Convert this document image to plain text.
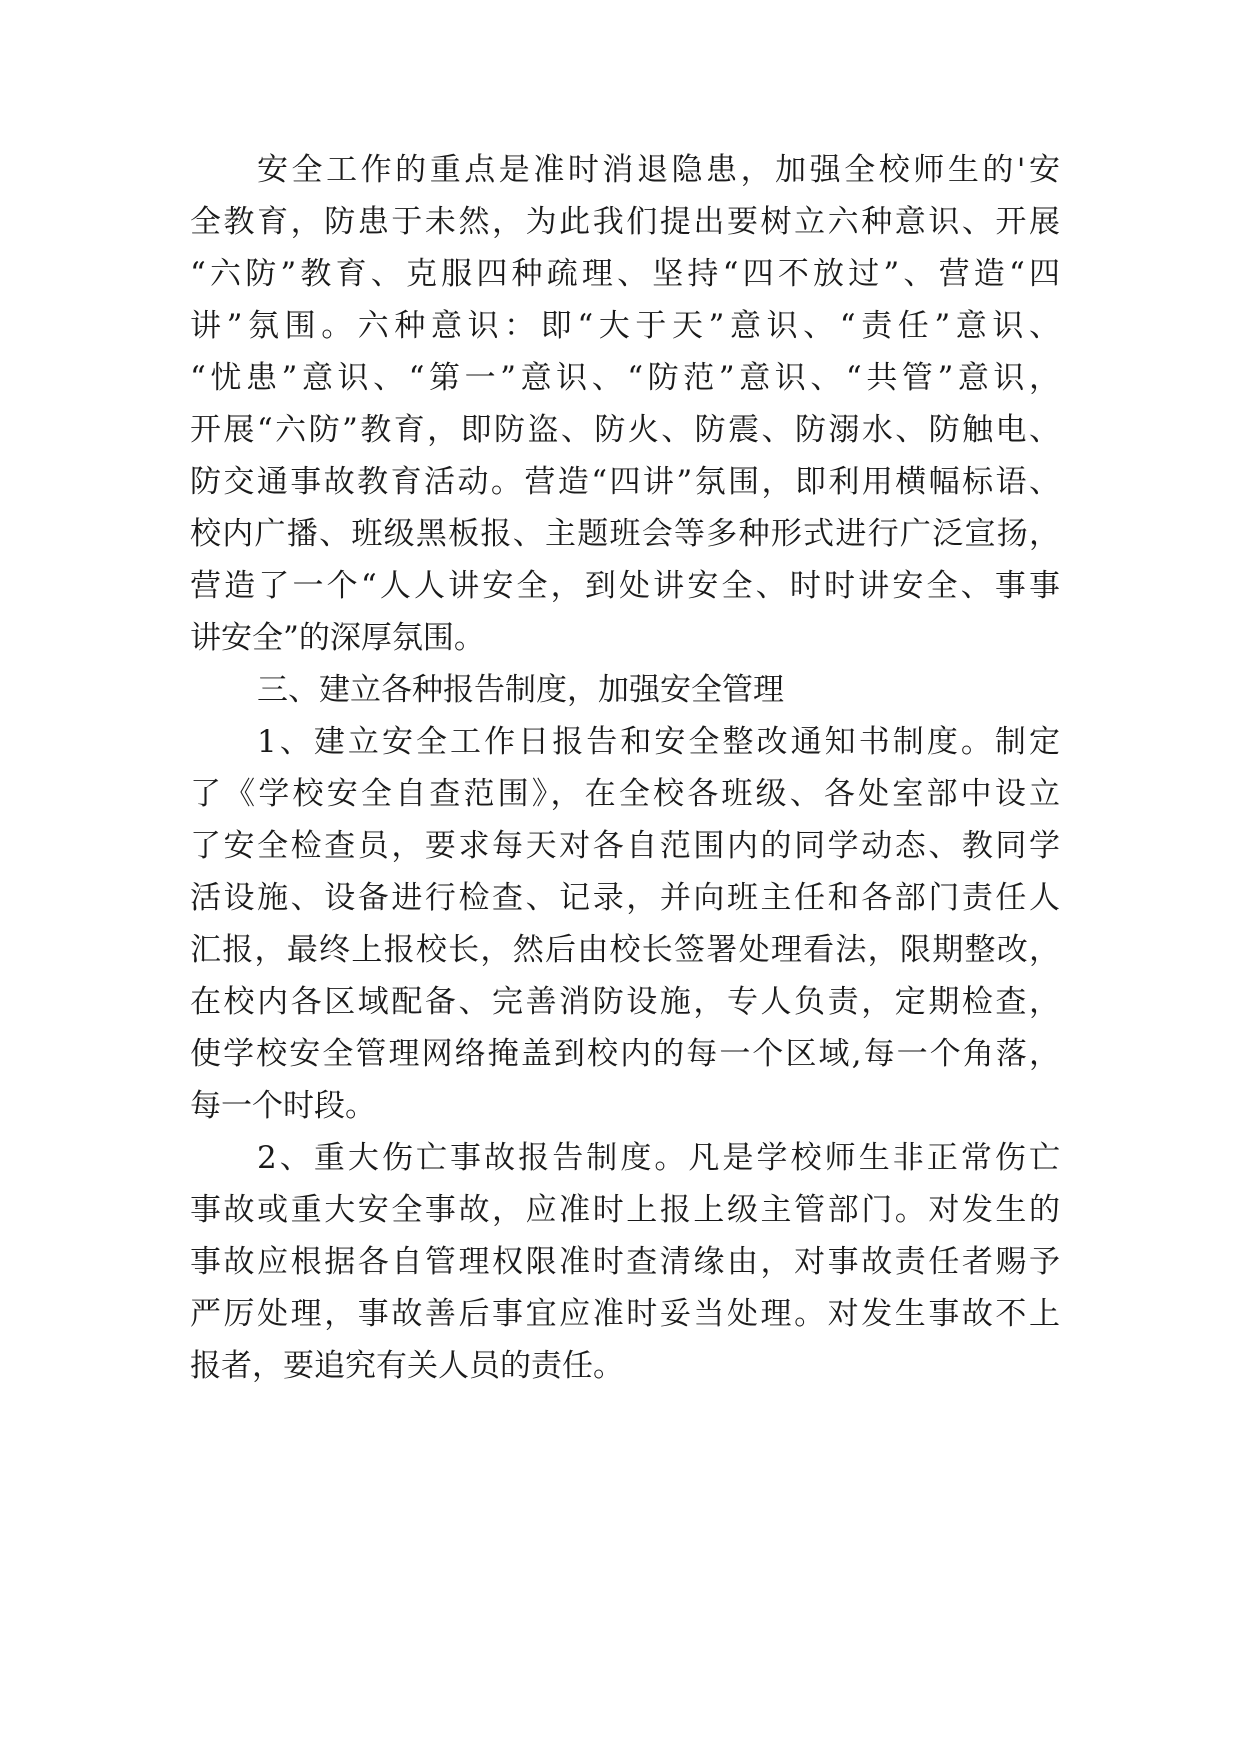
安全工作的重点是准时消退隐患，加强全校师生的'安

全教育，防患于未然，为此我们提出要树立六种意识、开展

“六防”教育、克服四种疏理、坚持“四不放过”、营造“四

讲”氛围。六种意识：即“大于天”意识、“责任”意识、

“忧患”意识、“第一”意识、“防范”意识、“共管”意识，

开展“六防”教育，即防盗、防火、防震、防溺水、防触电、

防交通事故教育活动。营造“四讲”氛围，即利用横幅标语、

校内广播、班级黑板报、主题班会等多种形式进行广泛宣扬，

营造了一个“人人讲安全，到处讲安全、时时讲安全、事事

讲安全”的深厚氛围。

三、建立各种报告制度，加强安全管理

1、建立安全工作日报告和安全整改通知书制度。制定

了《学校安全自查范围》，在全校各班级、各处室部中设立

了安全检查员，要求每天对各自范围内的同学动态、教同学

活设施、设备进行检查、记录，并向班主任和各部门责任人

汇报，最终上报校长，然后由校长签署处理看法，限期整改，

在校内各区域配备、完善消防设施，专人负责，定期检查，

使学校安全管理网络掩盖到校内的每一个区域,每一个角落，

每一个时段。

2、重大伤亡事故报告制度。凡是学校师生非正常伤亡

事故或重大安全事故，应准时上报上级主管部门。对发生的

事故应根据各自管理权限准时查清缘由，对事故责任者赐予

严厉处理，事故善后事宜应准时妥当处理。对发生事故不上

报者，要追究有关人员的责任。
